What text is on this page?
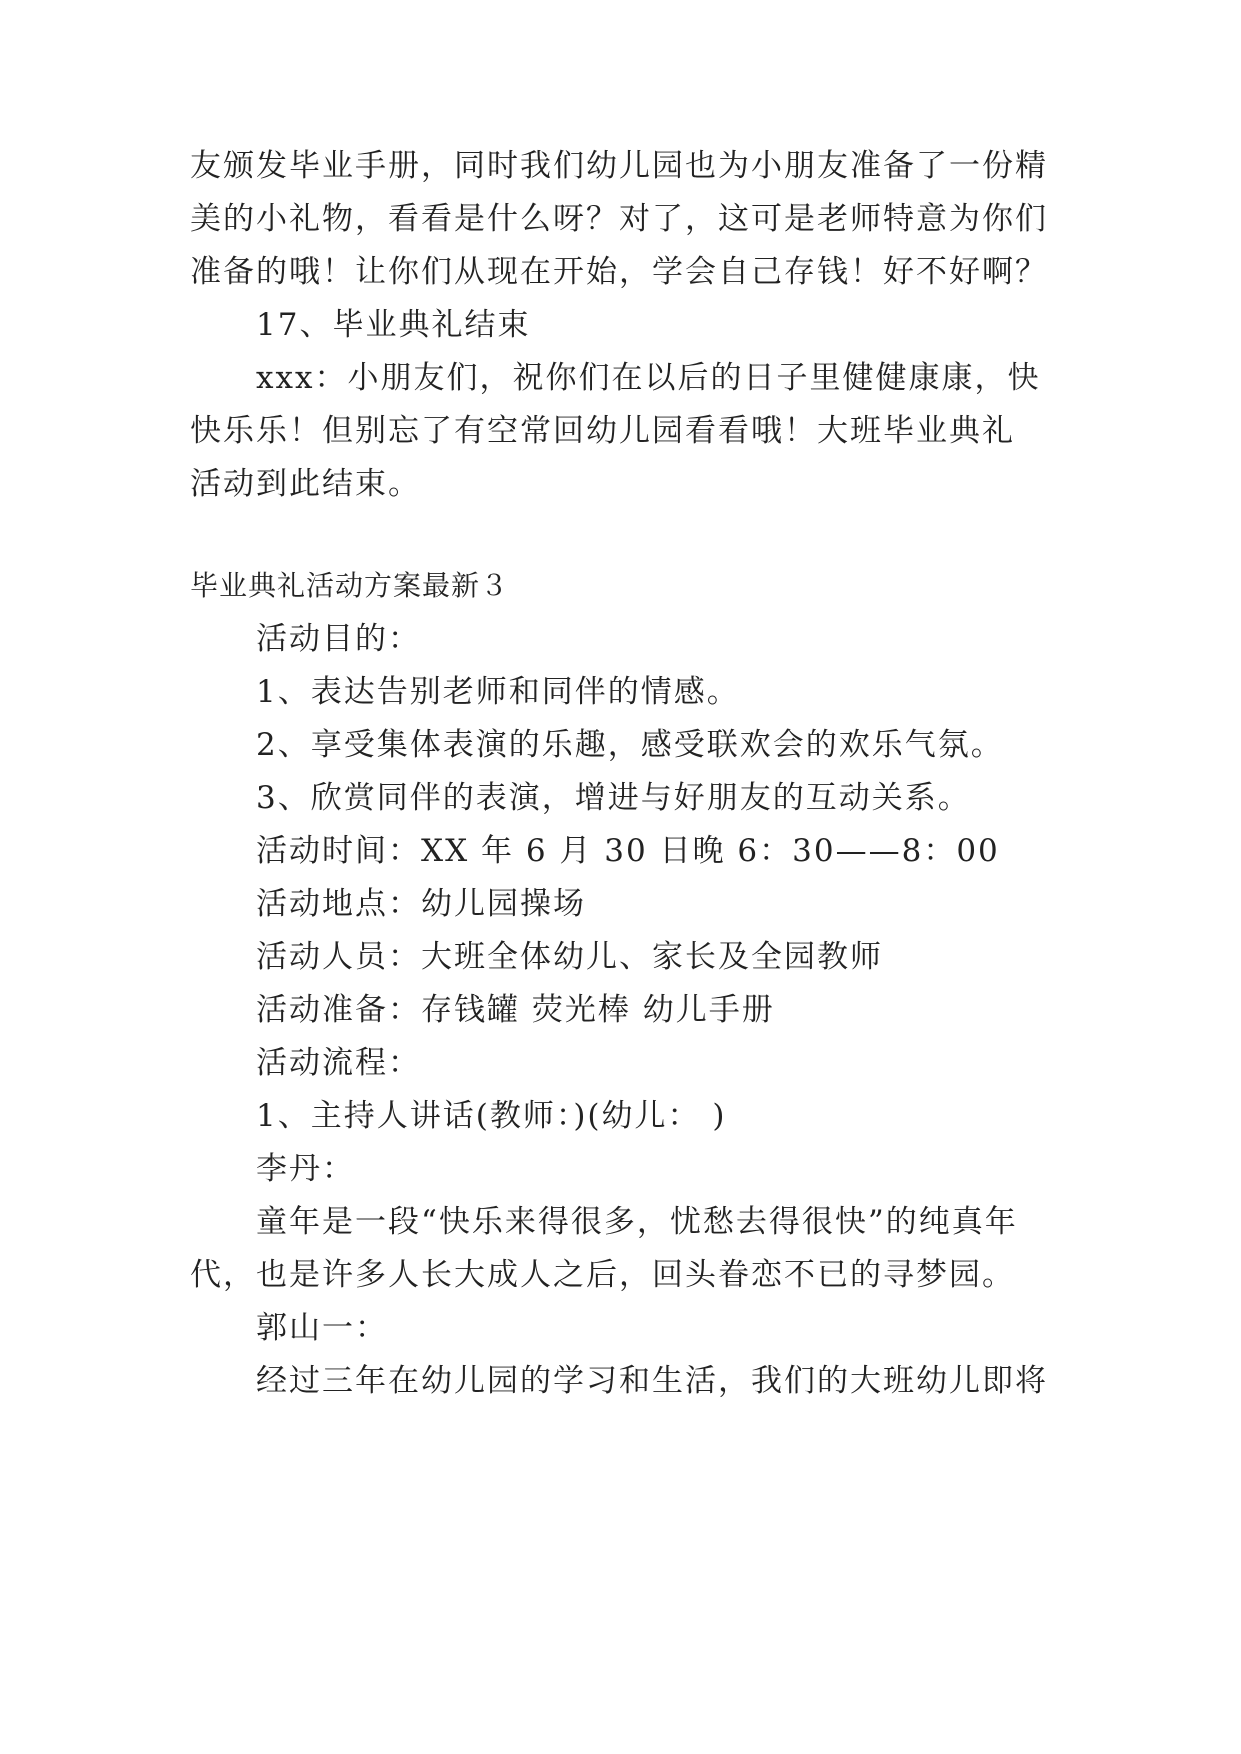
友颁发毕业手册，同时我们幼儿园也为小朋友准备了一份精
美的小礼物，看看是什么呀？对了，这可是老师特意为你们
准备的哦！让你们从现在开始，学会自己存钱！好不好啊？
17、毕业典礼结束
xxx：小朋友们，祝你们在以后的日子里健健康康，快
快乐乐！但别忘了有空常回幼儿园看看哦！大班毕业典礼
活动到此结束。
毕业典礼活动方案最新３
活动目的：
1、表达告别老师和同伴的情感。
2、享受集体表演的乐趣，感受联欢会的欢乐气氛。
3、欣赏同伴的表演，增进与好朋友的互动关系。
活动时间：XX 年 6 月 30 日晚 6：30——8：00
活动地点：幼儿园操场
活动人员：大班全体幼儿、家长及全园教师
活动准备：存钱罐 荧光棒 幼儿手册
活动流程：
1、主持人讲话(教师：)(幼儿： )
李丹：
童年是一段“快乐来得很多，忧愁去得很快”的纯真年
代，也是许多人长大成人之后，回头眷恋不已的寻梦园。
郭山一：
经过三年在幼儿园的学习和生活，我们的大班幼儿即将
